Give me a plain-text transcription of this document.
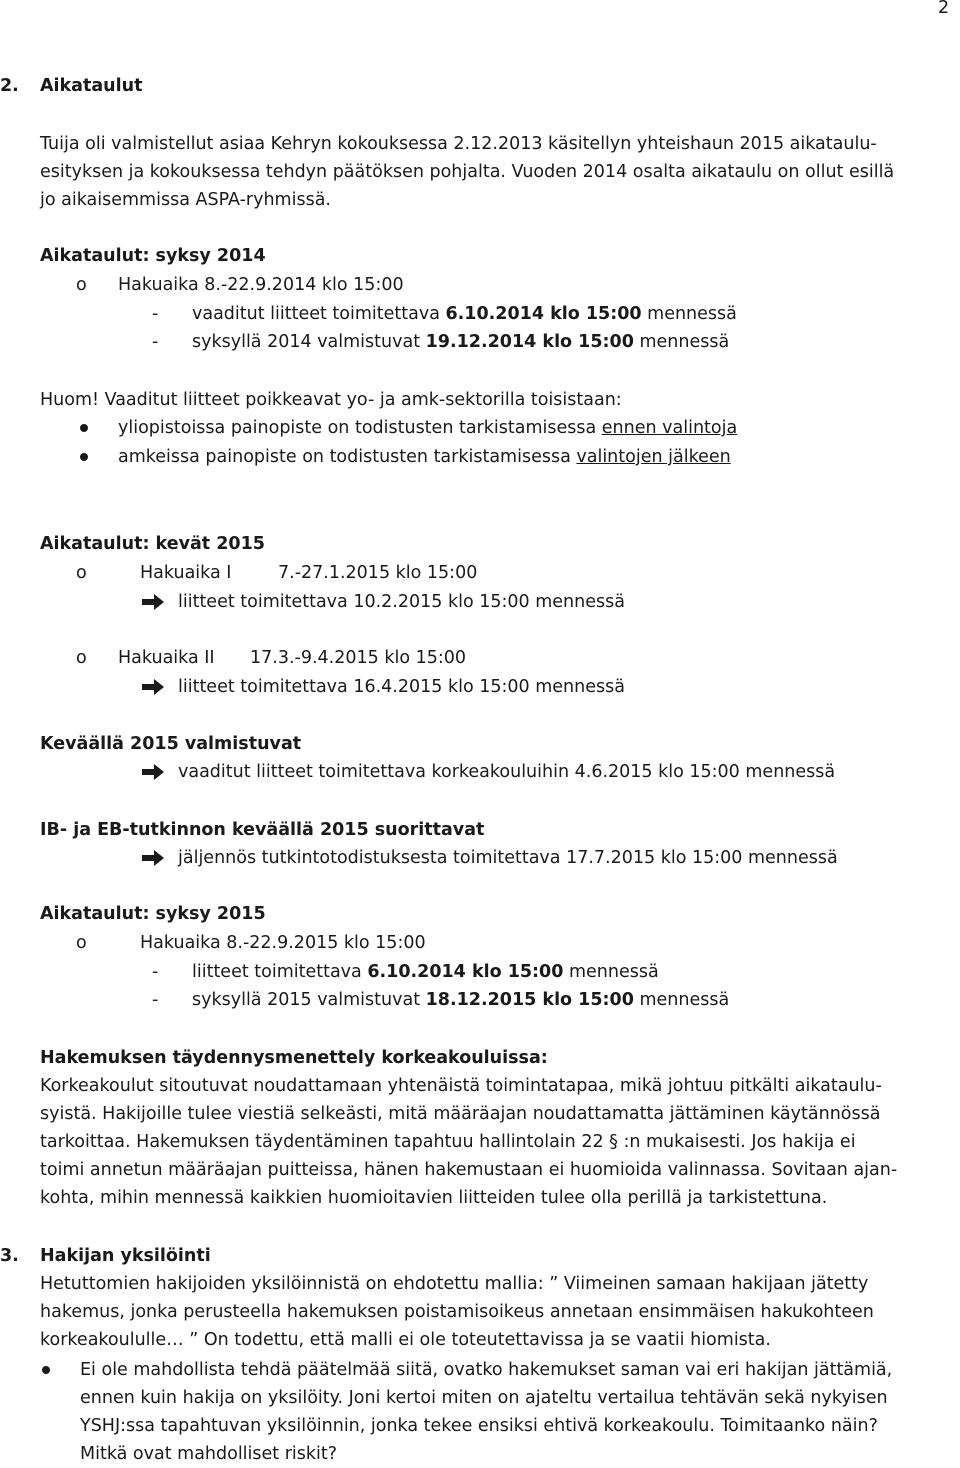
2
2. Aikataulut
Tuija oli valmistellut asiaa Kehryn kokouksessa 2.12.2013 käsitellyn yhteishaun 2015 aikataulu-
esityksen ja kokouksessa tehdyn päätöksen pohjalta. Vuoden 2014 osalta aikataulu on ollut esillä
jo aikaisemmissa ASPA-ryhmissä.
Aikataulut: syksy 2014
o Hakuaika 8.-22.9.2014 klo 15:00
- vaaditut liitteet toimitettava 6.10.2014 klo 15:00 mennessä
- syksyllä 2014 valmistuvat 19.12.2014 klo 15:00 mennessä
Huom! Vaaditut liitteet poikkeavat yo- ja amk-sektorilla toisistaan:
yliopistoissa painopiste on todistusten tarkistamisessa ennen valintoja
amkeissa painopiste on todistusten tarkistamisessa valintojen jälkeen
Aikataulut: kevät 2015
o	Hakuaika I	7.-27.1.2015 klo 15:00
liitteet toimitettava 10.2.2015 klo 15:00 mennessä
o Hakuaika II 17.3.-9.4.2015 klo 15:00
liitteet toimitettava 16.4.2015 klo 15:00 mennessä
Keväällä 2015 valmistuvat
vaaditut liitteet toimitettava korkeakouluihin 4.6.2015 klo 15:00 mennessä
IB- ja EB-tutkinnon keväällä 2015 suorittavat
jäljennös tutkintotodistuksesta toimitettava 17.7.2015 klo 15:00 mennessä
Aikataulut: syksy 2015
o	Hakuaika 8.-22.9.2015 klo 15:00
- liitteet toimitettava 6.10.2014 klo 15:00 mennessä
- syksyllä 2015 valmistuvat 18.12.2015 klo 15:00 mennessä
Hakemuksen täydennysmenettely korkeakouluissa:
Korkeakoulut sitoutuvat noudattamaan yhtenäistä toimintatapaa, mikä johtuu pitkälti aikataulu-
syistä. Hakijoille tulee viestiä selkeästi, mitä määräajan noudattamatta jättäminen käytännössä
tarkoittaa. Hakemuksen täydentäminen tapahtuu hallintolain 22 § :n mukaisesti. Jos hakija ei
toimi annetun määräajan puitteissa, hänen hakemustaan ei huomioida valinnassa. Sovitaan ajan-
kohta, mihin mennessä kaikkien huomioitavien liitteiden tulee olla perillä ja tarkistettuna.
3. Hakijan yksilöinti
Hetuttomien hakijoiden yksilöinnistä on ehdotettu mallia: ” Viimeinen samaan hakijaan jätetty
hakemus, jonka perusteella hakemuksen poistamisoikeus annetaan ensimmäisen hakukohteen
korkeakoululle… ” On todettu, että malli ei ole toteutettavissa ja se vaatii hiomista.
Ei ole mahdollista tehdä päätelmää siitä, ovatko hakemukset saman vai eri hakijan jättämiä,
ennen kuin hakija on yksilöity. Joni kertoi miten on ajateltu vertailua tehtävän sekä nykyisen
YSHJ:ssa tapahtuvan yksilöinnin, jonka tekee ensiksi ehtivä korkeakoulu. Toimitaanko näin?
Mitkä ovat mahdolliset riskit?
